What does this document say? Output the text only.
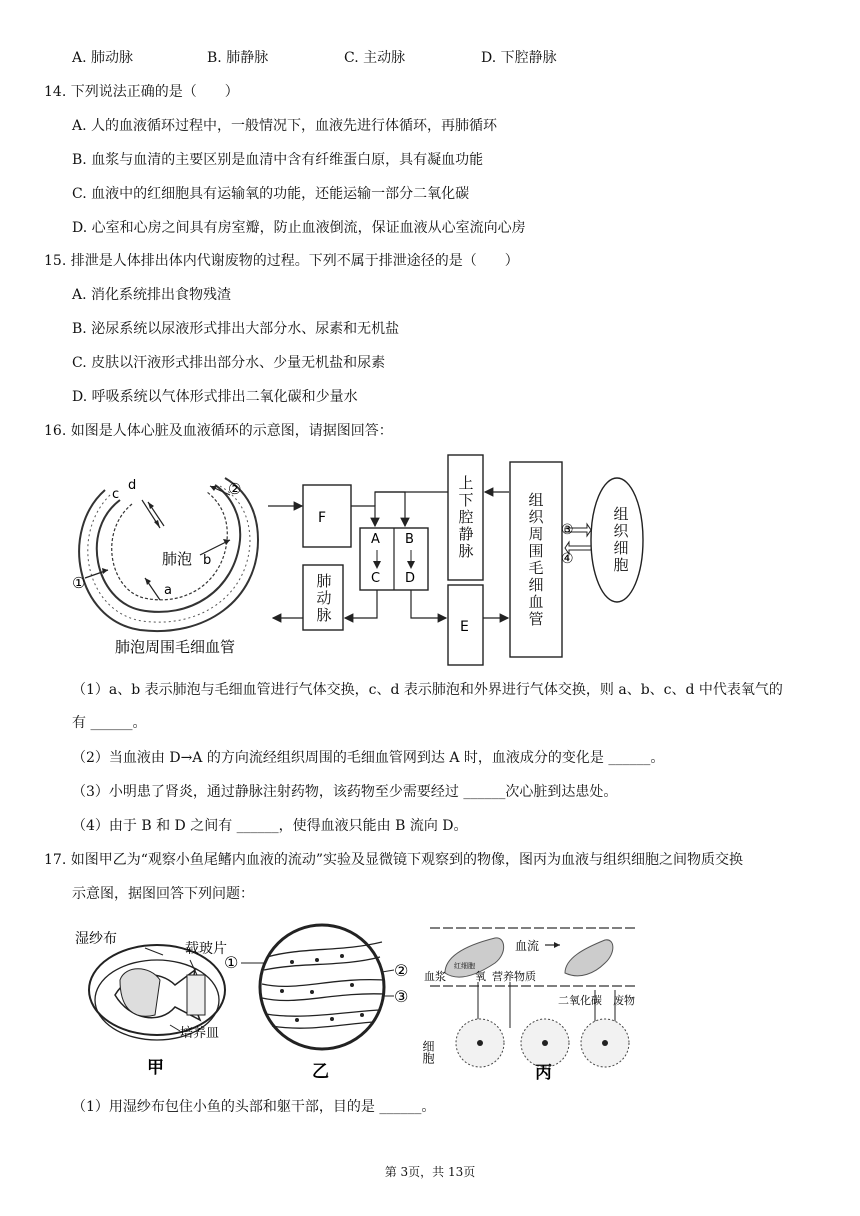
A. 肺动脉	B. 肺静脉	C. 主动脉	D. 下腔静脉
14. 下列说法正确的是（　　）
A. 人的血液循环过程中，一般情况下，血液先进行体循环，再肺循环
B. 血浆与血清的主要区别是血清中含有纤维蛋白原，具有凝血功能
C. 血液中的红细胞具有运输氧的功能，还能运输一部分二氧化碳
D. 心室和心房之间具有房室瓣，防止血液倒流，保证血液从心室流向心房
15. 排泄是人体排出体内代谢废物的过程。下列不属于排泄途径的是（　　）
A. 消化系统排出食物残渣
B. 泌尿系统以尿液形式排出大部分水、尿素和无机盐
C. 皮肤以汗液形式排出部分水、少量无机盐和尿素
D. 呼吸系统以气体形式排出二氧化碳和少量水
16. 如图是人体心脏及血液循环的示意图，请据图回答：
c
d
肺泡 b
a
①
②
肺泡周围毛细血管
F
A B
C D
E
③
④
肺动脉
上下腔静脉	组织周围毛细血管	组织细胞
（1）a、b 表示肺泡与毛细血管进行气体交换，c、d 表示肺泡和外界进行气体交换，则 a、b、c、d 中代表氧气的
有 ______。
（2）当血液由 D→A 的方向流经组织周围的毛细血管网到达 A 时，血液成分的变化是 ______。
（3）小明患了肾炎，通过静脉注射药物，该药物至少需要经过 ______次心脏到达患处。
（4）由于 B 和 D 之间有 ______，使得血液只能由 B 流向 D。
17. 如图甲乙为“观察小鱼尾鳍内血液的流动”实验及显微镜下观察到的物像，图丙为血液与组织细胞之间物质交换
示意图，据图回答下列问题：
湿纱布
载玻片
培养皿
甲
①	②
③
乙
血流
血浆
红细胞
氧 营养物质
二氧化碳 废物
细胞
丙
（1）用湿纱布包住小鱼的头部和躯干部，目的是 ______。
第 3页，共 13页
